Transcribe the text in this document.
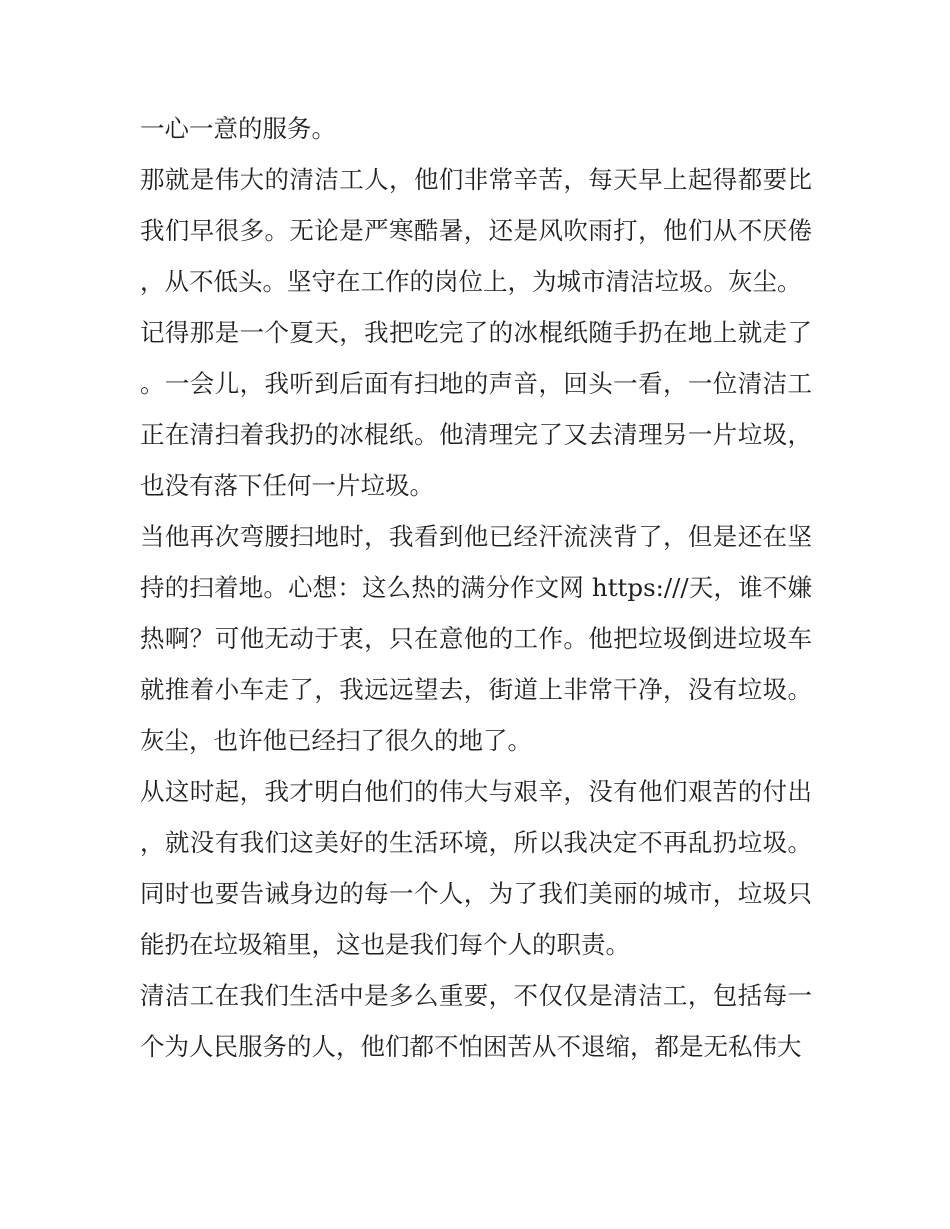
一心一意的服务。

那就是伟大的清洁工人，他们非常辛苦，每天早上起得都要比我们早很多。无论是严寒酷暑，还是风吹雨打，他们从不厌倦，从不低头。坚守在工作的岗位上，为城市清洁垃圾。灰尘。

记得那是一个夏天，我把吃完了的冰棍纸随手扔在地上就走了。一会儿，我听到后面有扫地的声音，回头一看，一位清洁工正在清扫着我扔的冰棍纸。他清理完了又去清理另一片垃圾，也没有落下任何一片垃圾。

当他再次弯腰扫地时，我看到他已经汗流浃背了，但是还在坚持的扫着地。心想：这么热的满分作文网 https:///天，谁不嫌热啊？可他无动于衷，只在意他的工作。他把垃圾倒进垃圾车就推着小车走了，我远远望去，街道上非常干净，没有垃圾。灰尘，也许他已经扫了很久的地了。

从这时起，我才明白他们的伟大与艰辛，没有他们艰苦的付出，就没有我们这美好的生活环境，所以我决定不再乱扔垃圾。同时也要告诫身边的每一个人，为了我们美丽的城市，垃圾只能扔在垃圾箱里，这也是我们每个人的职责。

清洁工在我们生活中是多么重要，不仅仅是清洁工，包括每一个为人民服务的人，他们都不怕困苦从不退缩，都是无私伟大
